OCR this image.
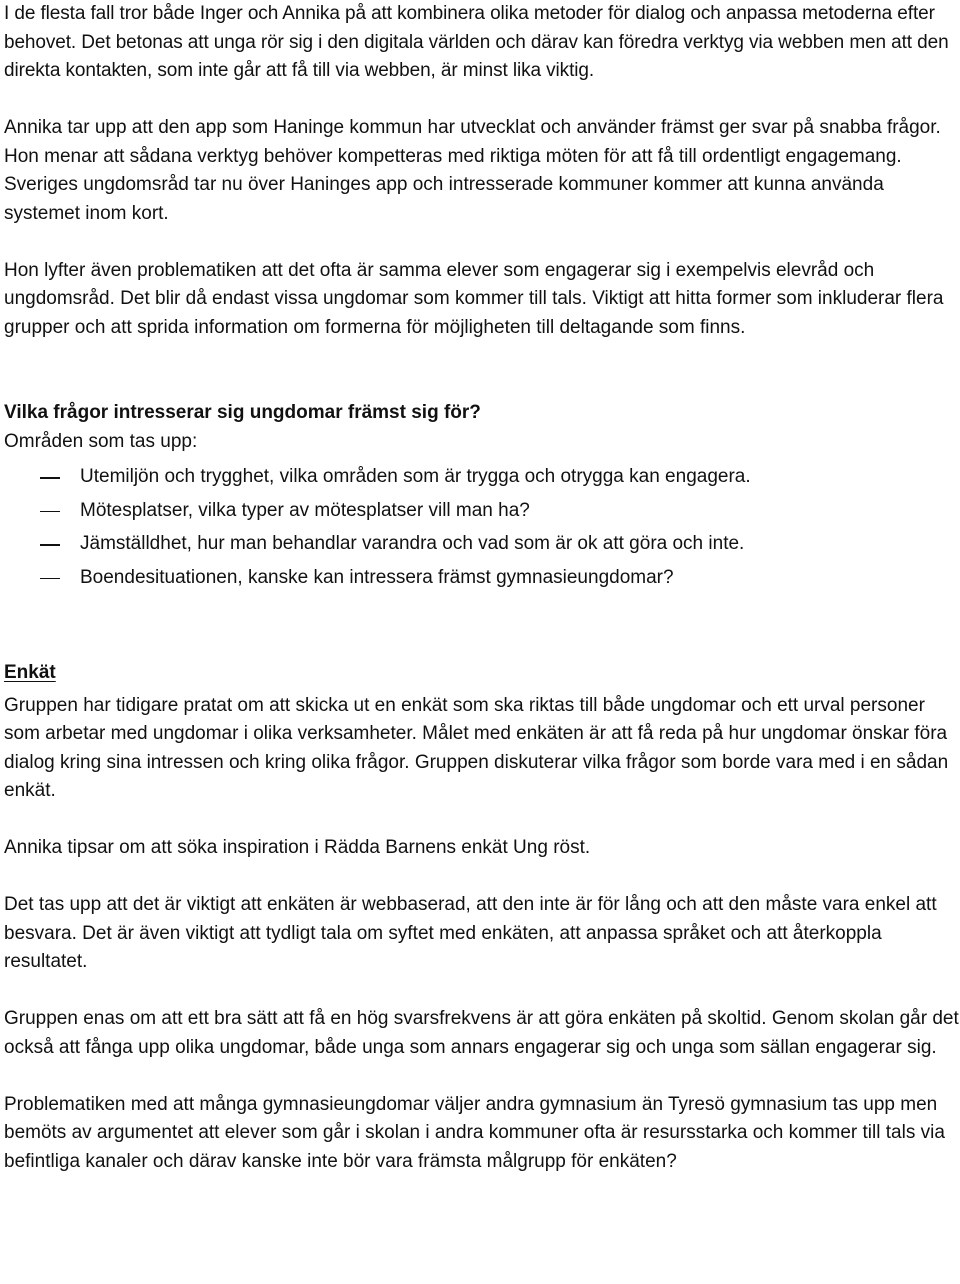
I de flesta fall tror både Inger och Annika på att kombinera olika metoder för dialog och anpassa metoderna efter behovet. Det betonas att unga rör sig i den digitala världen och därav kan föredra verktyg via webben men att den direkta kontakten, som inte går att få till via webben, är minst lika viktig.

Annika tar upp att den app som Haninge kommun har utvecklat och använder främst ger svar på snabba frågor. Hon menar att sådana verktyg behöver kompetteras med riktiga möten för att få till ordentligt engagemang. Sveriges ungdomsråd tar nu över Haninges app och intresserade kommuner kommer att kunna använda systemet inom kort.

Hon lyfter även problematiken att det ofta är samma elever som engagerar sig i exempelvis elevråd och ungdomsråd. Det blir då endast vissa ungdomar som kommer till tals. Viktigt att hitta former som inkluderar flera grupper och att sprida information om formerna för möjligheten till deltagande som finns.

Vilka frågor intresserar sig ungdomar främst sig för?

Områden som tas upp:

Utemiljön och trygghet, vilka områden som är trygga och otrygga kan engagera.
Mötesplatser, vilka typer av mötesplatser vill man ha?
Jämställdhet, hur man behandlar varandra och vad som är ok att göra och inte.
Boendesituationen, kanske kan intressera främst gymnasieungdomar?
Enkät

Gruppen har tidigare pratat om att skicka ut en enkät som ska riktas till både ungdomar och ett urval personer som arbetar med ungdomar i olika verksamheter. Målet med enkäten är att få reda på hur ungdomar önskar föra dialog kring sina intressen och kring olika frågor. Gruppen diskuterar vilka frågor som borde vara med i en sådan enkät.

Annika tipsar om att söka inspiration i Rädda Barnens enkät Ung röst.

Det tas upp att det är viktigt att enkäten är webbaserad, att den inte är för lång och att den måste vara enkel att besvara. Det är även viktigt att tydligt tala om syftet med enkäten, att anpassa språket och att återkoppla resultatet.

Gruppen enas om att ett bra sätt att få en hög svarsfrekvens är att göra enkäten på skoltid. Genom skolan går det också att fånga upp olika ungdomar, både unga som annars engagerar sig och unga som sällan engagerar sig.

Problematiken med att många gymnasieungdomar väljer andra gymnasium än Tyresö gymnasium tas upp men bemöts av argumentet att elever som går i skolan i andra kommuner ofta är resursstarka och kommer till tals via befintliga kanaler och därav kanske inte bör vara främsta målgrupp för enkäten?
